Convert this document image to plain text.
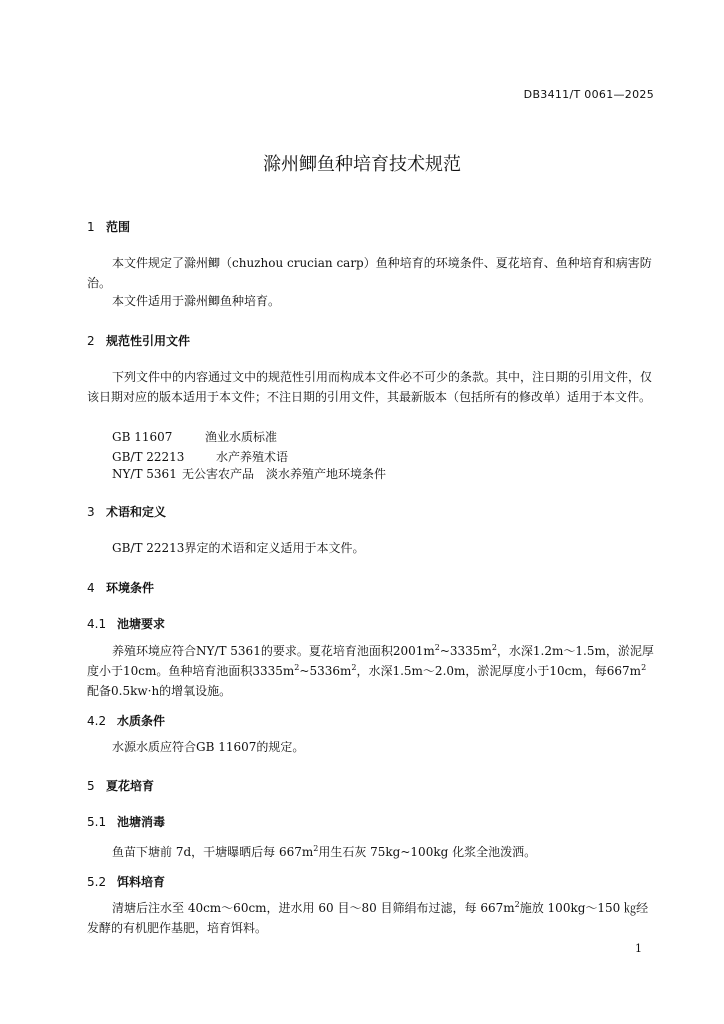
DB3411/T 0061—2025
滁州鲫鱼种培育技术规范
1 范围
本文件规定了滁州鲫（chuzhou crucian carp）鱼种培育的环境条件、夏花培育、鱼种培育和病害防治。
本文件适用于滁州鲫鱼种培育。
2 规范性引用文件
下列文件中的内容通过文中的规范性引用而构成本文件必不可少的条款。其中，注日期的引用文件，仅该日期对应的版本适用于本文件；不注日期的引用文件，其最新版本（包括所有的修改单）适用于本文件。
GB 11607	渔业水质标准
GB/T 22213	水产养殖术语
NY/T 5361 无公害农产品　淡水养殖产地环境条件
3 术语和定义
GB/T 22213界定的术语和定义适用于本文件。
4 环境条件
4.1 池塘要求
养殖环境应符合NY/T 5361的要求。夏花培育池面积$2001m^2\sim 3335m^2$，水深1.2m～1.5m，淤泥厚度小于10cm。鱼种培育池面积$3335m^2\sim 5336m^2$，水深1.5m～2.0m，淤泥厚度小于10cm，每$667m^2$配备0.5kw·h的增氧设施。
4.2 水质条件
水源水质应符合GB 11607的规定。
5 夏花培育
5.1 池塘消毒
鱼苗下塘前 7d，干塘曝晒后每 $667m^2$用生石灰 75kg~100kg 化浆全池泼洒。
5.2 饵料培育
清塘后注水至 40cm～60cm，进水用 60 目～80 目筛绢布过滤，每 $667m^2$施放 100kg～150 ㎏经发酵的有机肥作基肥，培育饵料。
1
